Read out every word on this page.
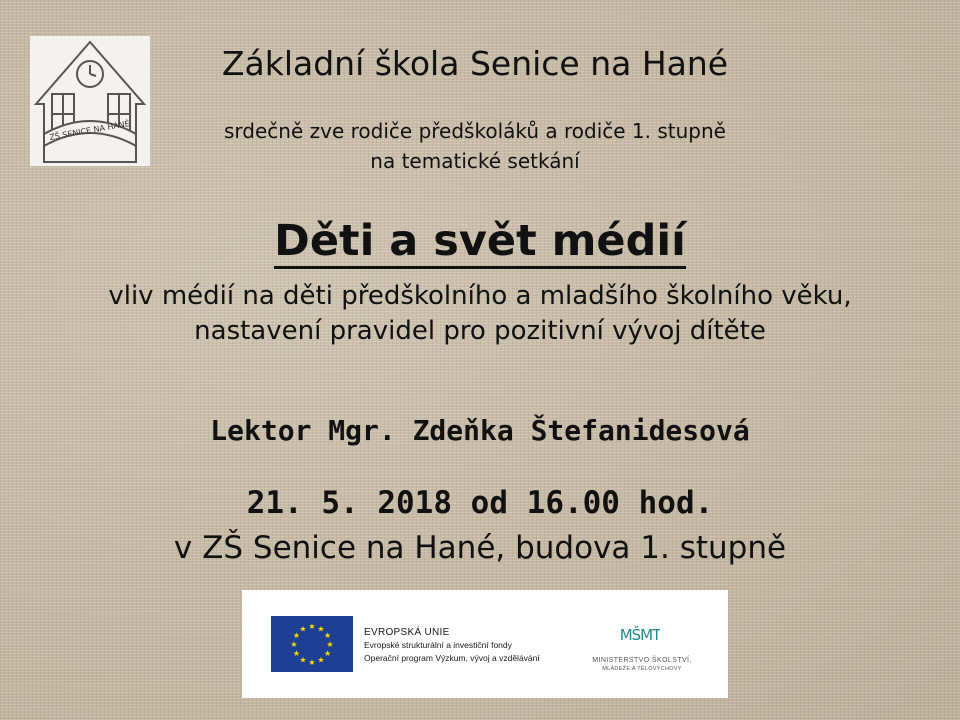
ZŠ SENICE NA HANÉ
Základní škola Senice na Hané
srdečně zve rodiče předškoláků a rodiče 1. stupně
na tematické setkání
Děti a svět médií
vliv médií na děti předškolního a mladšího školního věku,
nastavení pravidel pro pozitivní vývoj dítěte
Lektor Mgr. Zdeňka Štefanidesová
21. 5. 2018 od 16.00 hod.
v ZŠ Senice na Hané, budova 1. stupně
★ ★
★
★
★
★
★
★
★
★
★
★	EVROPSKÁ UNIE
Evropské strukturální a investiční fondy
Operační program Výzkum, vývoj a vzdělávání
MŠMT
MINISTERSTVO ŠKOLSTVÍ,
MLÁDEŽE A TĚLOVÝCHOVY
